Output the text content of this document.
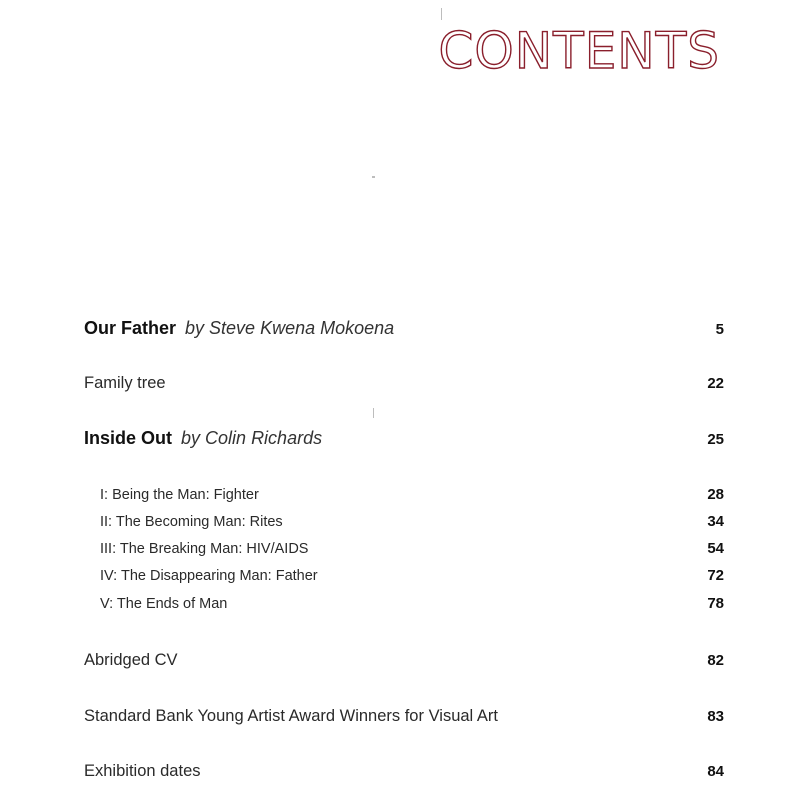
CONTENTS
Our Father by Steve Kwena Mokoena	5
Family tree	22
Inside Out by Colin Richards	25
I: Being the Man: Fighter	28
II: The Becoming Man: Rites	34
III: The Breaking Man: HIV/AIDS	54
IV: The Disappearing Man: Father	72
V: The Ends of Man	78
Abridged CV	82
Standard Bank Young Artist Award Winners for Visual Art	83
Exhibition dates	84
